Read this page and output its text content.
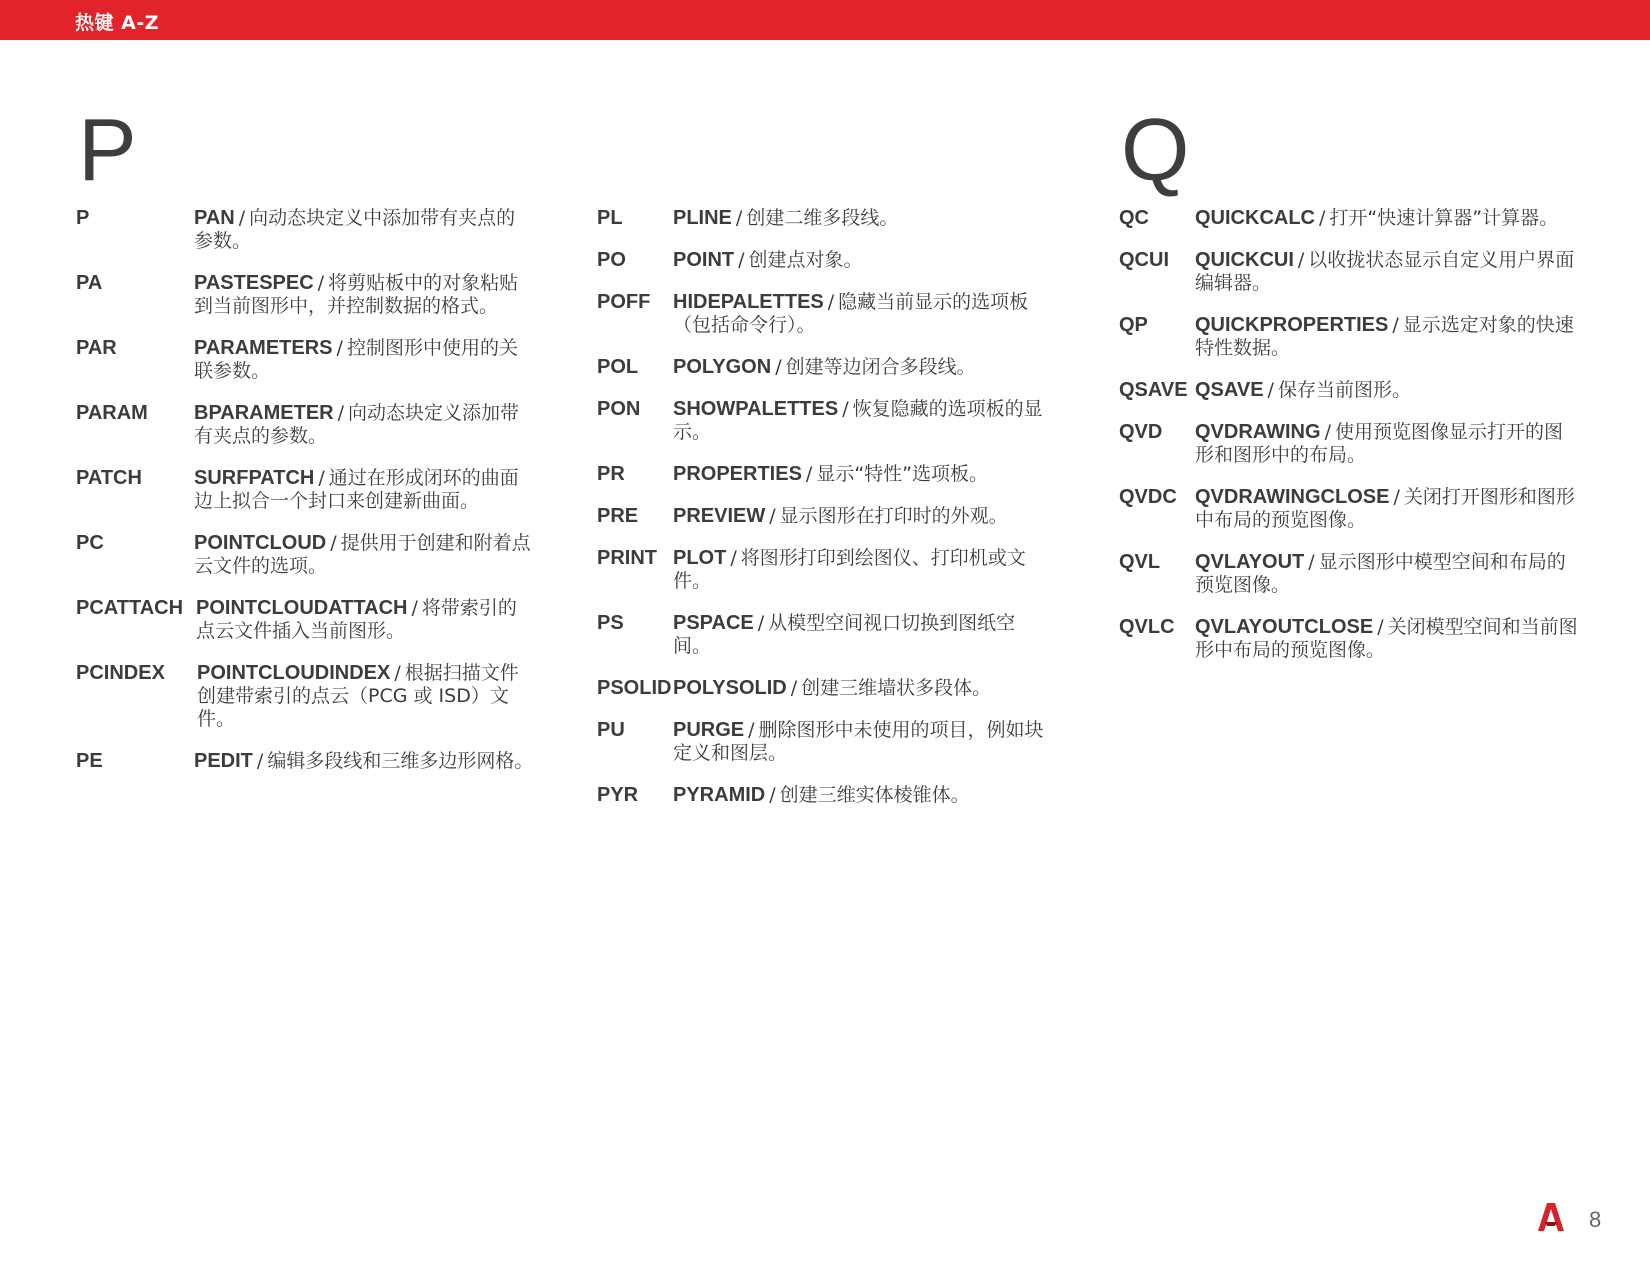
热键 A-Z
P	Q
P	PAN / 向动态块定义中添加带有夹点的参数。
PA	PASTESPEC / 将剪贴板中的对象粘贴到当前图形中，并控制数据的格式。
PAR	PARAMETERS / 控制图形中使用的关联参数。
PARAM BPARAMETER / 向动态块定义添加带有夹点的参数。
PATCH	SURFPATCH / 通过在形成闭环的曲面边上拟合一个封口来创建新曲面。
PC	POINTCLOUD / 提供用于创建和附着点云文件的选项。
PCATTACH POINTCLOUDATTACH / 将带索引的点云文件插入当前图形。
PCINDEX POINTCLOUDINDEX / 根据扫描文件创建带索引的点云（PCG 或 ISD）文件。
PE	PEDIT / 编辑多段线和三维多边形网格。
PL	PLINE / 创建二维多段线。
PO POINT / 创建点对象。
POFF HIDEPALETTES / 隐藏当前显示的选项板（包括命令行）。
POL POLYGON / 创建等边闭合多段线。
PON SHOWPALETTES / 恢复隐藏的选项板的显示。
PR PROPERTIES / 显示“特性”选项板。
PRE PREVIEW / 显示图形在打印时的外观。
PRINT PLOT / 将图形打印到绘图仪、打印机或文件。
PS PSPACE / 从模型空间视口切换到图纸空间。
PSOLID POLYSOLID / 创建三维墙状多段体。
PU PURGE / 删除图形中未使用的项目，例如块定义和图层。
PYR PYRAMID / 创建三维实体棱锥体。
QC QUICKCALC / 打开“快速计算器”计算器。
QCUI QUICKCUI / 以收拢状态显示自定义用户界面编辑器。
QP QUICKPROPERTIES / 显示选定对象的快速特性数据。
QSAVE QSAVE / 保存当前图形。
QVD QVDRAWING / 使用预览图像显示打开的图形和图形中的布局。
QVDC QVDRAWINGCLOSE / 关闭打开图形和图形中布局的预览图像。
QVL QVLAYOUT / 显示图形中模型空间和布局的预览图像。
QVLC QVLAYOUTCLOSE / 关闭模型空间和当前图形中布局的预览图像。
8
